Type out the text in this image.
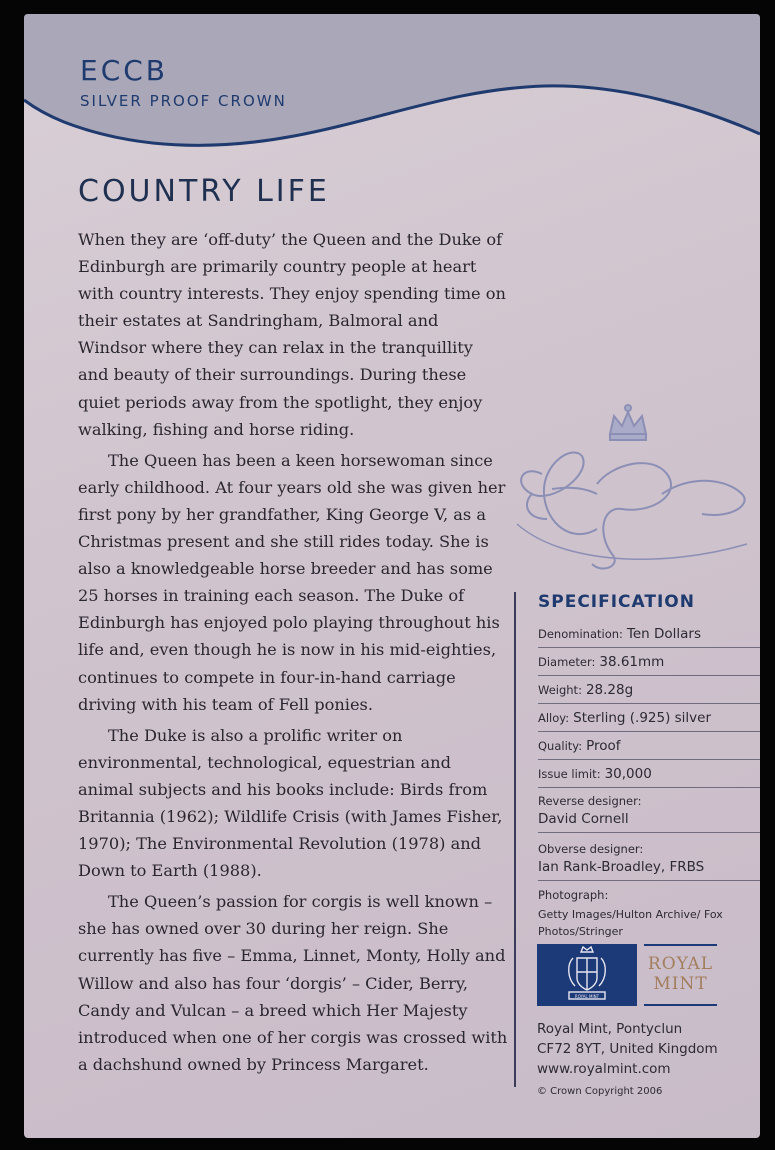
ECCB
SILVER PROOF CROWN
COUNTRY LIFE

When they are ‘off-duty’ the Queen and the Duke of Edinburgh are primarily country people at heart with country interests. They enjoy spending time on their estates at Sandringham, Balmoral and Windsor where they can relax in the tranquillity and beauty of their surroundings. During these quiet periods away from the spotlight, they enjoy walking, fishing and horse riding.

The Queen has been a keen horsewoman since early childhood. At four years old she was given her first pony by her grandfather, King George V, as a Christmas present and she still rides today. She is also a knowledgeable horse breeder and has some 25 horses in training each season. The Duke of Edinburgh has enjoyed polo playing throughout his life and, even though he is now in his mid-eighties, continues to compete in four-in-hand carriage driving with his team of Fell ponies.

The Duke is also a prolific writer on environmental, technological, equestrian and animal subjects and his books include: Birds from Britannia (1962); Wildlife Crisis (with James Fisher, 1970); The Environmental Revolution (1978) and Down to Earth (1988).

The Queen’s passion for corgis is well known – she has owned over 30 during her reign. She currently has five – Emma, Linnet, Monty, Holly and Willow and also has four ‘dorgis’ – Cider, Berry, Candy and Vulcan – a breed which Her Majesty introduced when one of her corgis was crossed with a dachshund owned by Princess Margaret.

SPECIFICATION
Denomination: Ten Dollars
Diameter: 38.61mm
Weight: 28.28g
Alloy: Sterling (.925) silver
Quality: Proof
Issue limit: 30,000
Reverse designer:
David Cornell
Obverse designer:
Ian Rank-Broadley, FRBS
Photograph:
Getty Images/Hulton Archive/ Fox Photos/Stringer
ROYAL MINT
ROYAL
MINT
Royal Mint, Pontyclun
CF72 8YT, United Kingdom
www.royalmint.com
© Crown Copyright 2006
